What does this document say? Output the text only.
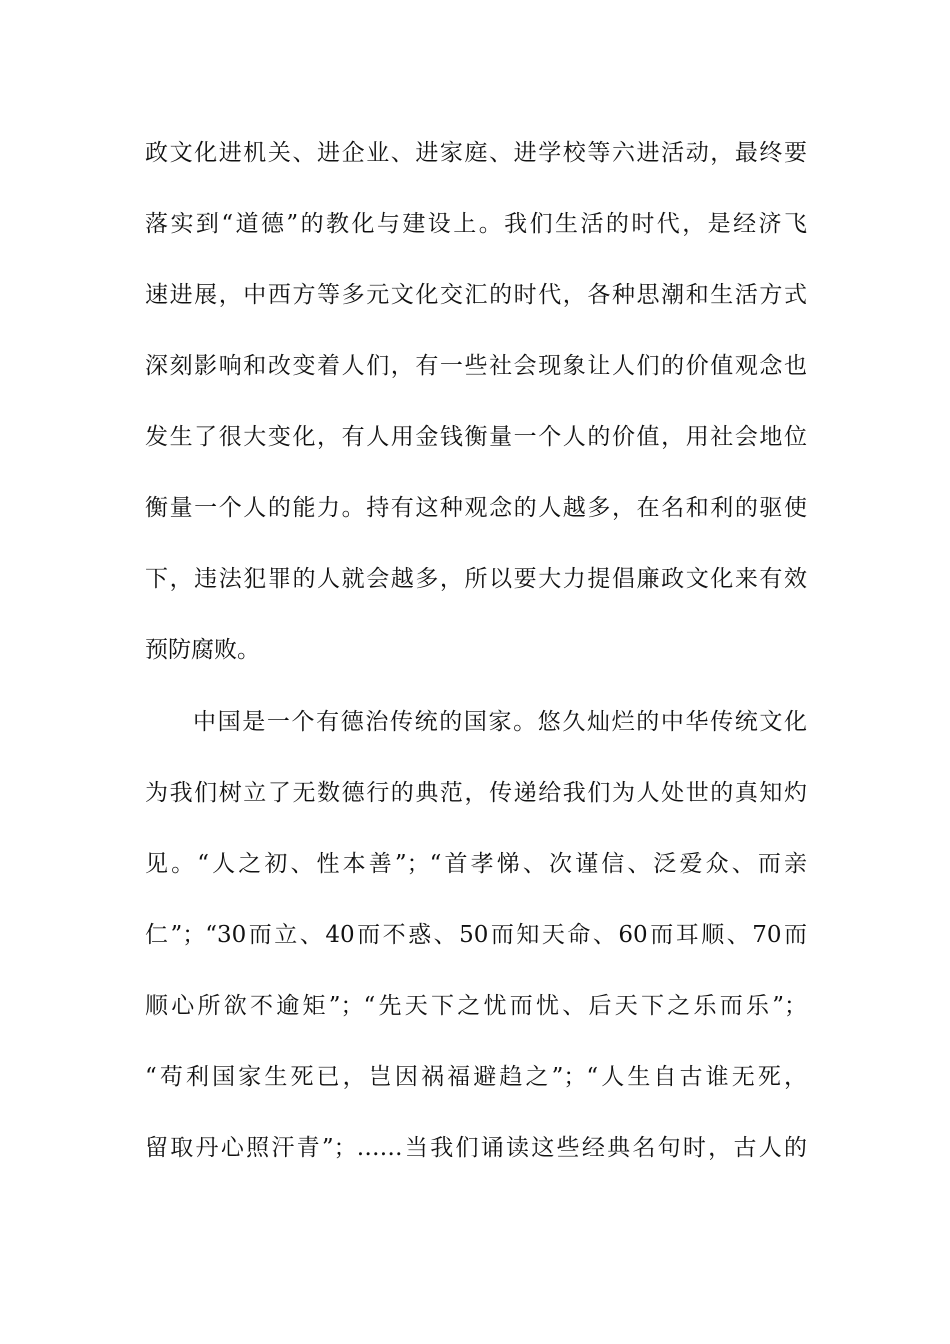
政文化进机关、进企业、进家庭、进学校等六进活动，最终要
落实到“道德”的教化与建设上。我们生活的时代，是经济飞
速进展，中西方等多元文化交汇的时代，各种思潮和生活方式
深刻影响和改变着人们，有一些社会现象让人们的价值观念也
发生了很大变化，有人用金钱衡量一个人的价值，用社会地位
衡量一个人的能力。持有这种观念的人越多，在名和利的驱使
下，违法犯罪的人就会越多，所以要大力提倡廉政文化来有效
预防腐败。
中国是一个有德治传统的国家。悠久灿烂的中华传统文化
为我们树立了无数德行的典范，传递给我们为人处世的真知灼
见。“人之初、性本善”；“首孝悌、次谨信、泛爱众、而亲
仁”；“30而立、40而不惑、50而知天命、60而耳顺、70而
顺心所欲不逾矩”；“先天下之忧而忧、后天下之乐而乐”；
“苟利国家生死已，岂因祸福避趋之”；“人生自古谁无死，
留取丹心照汗青”；……当我们诵读这些经典名句时，古人的
